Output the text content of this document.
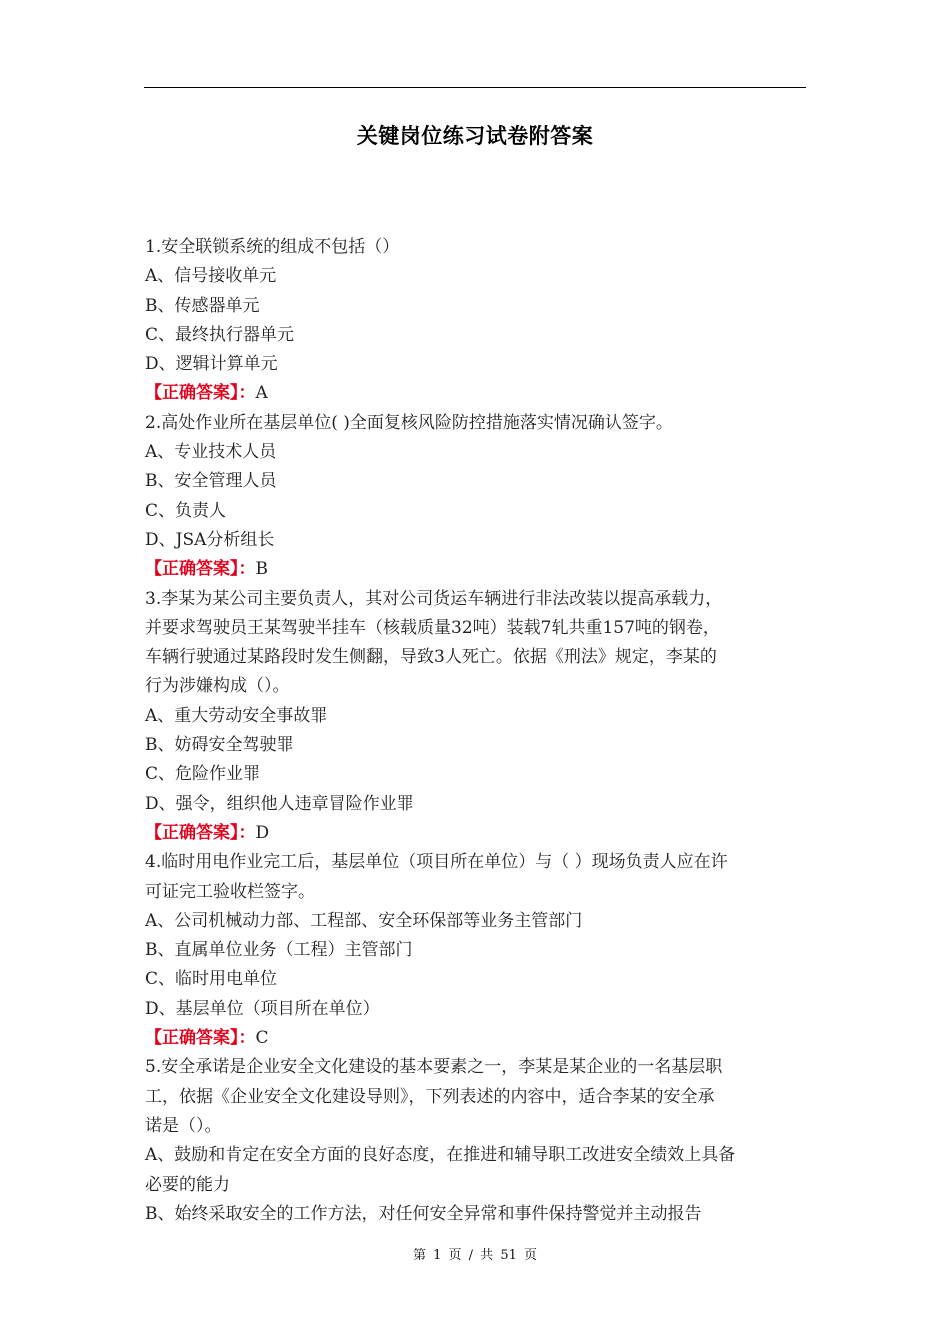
关键岗位练习试卷附答案
1.安全联锁系统的组成不包括（）
A、信号接收单元
B、传感器单元
C、最终执行器单元
D、逻辑计算单元
【正确答案】：A
2.高处作业所在基层单位( )全面复核风险防控措施落实情况确认签字。
A、专业技术人员
B、安全管理人员
C、负责人
D、JSA分析组长
【正确答案】：B
3.李某为某公司主要负责人，其对公司货运车辆进行非法改装以提高承载力，
并要求驾驶员王某驾驶半挂车（核载质量32吨）装载7轧共重157吨的钢卷，
车辆行驶通过某路段时发生侧翻，导致3人死亡。依据《刑法》规定，李某的
行为涉嫌构成（）。
A、重大劳动安全事故罪
B、妨碍安全驾驶罪
C、危险作业罪
D、强令，组织他人违章冒险作业罪
【正确答案】：D
4.临时用电作业完工后，基层单位（项目所在单位）与（ ）现场负责人应在许
可证完工验收栏签字。
A、公司机械动力部、工程部、安全环保部等业务主管部门
B、直属单位业务（工程）主管部门
C、临时用电单位
D、基层单位（项目所在单位）
【正确答案】：C
5.安全承诺是企业安全文化建设的基本要素之一，李某是某企业的一名基层职
工，依据《企业安全文化建设导则》，下列表述的内容中，适合李某的安全承
诺是（）。
A、鼓励和肯定在安全方面的良好态度，在推进和辅导职工改进安全绩效上具备
必要的能力
B、始终采取安全的工作方法，对任何安全异常和事件保持警觉并主动报告
第 1 页 / 共 51 页
